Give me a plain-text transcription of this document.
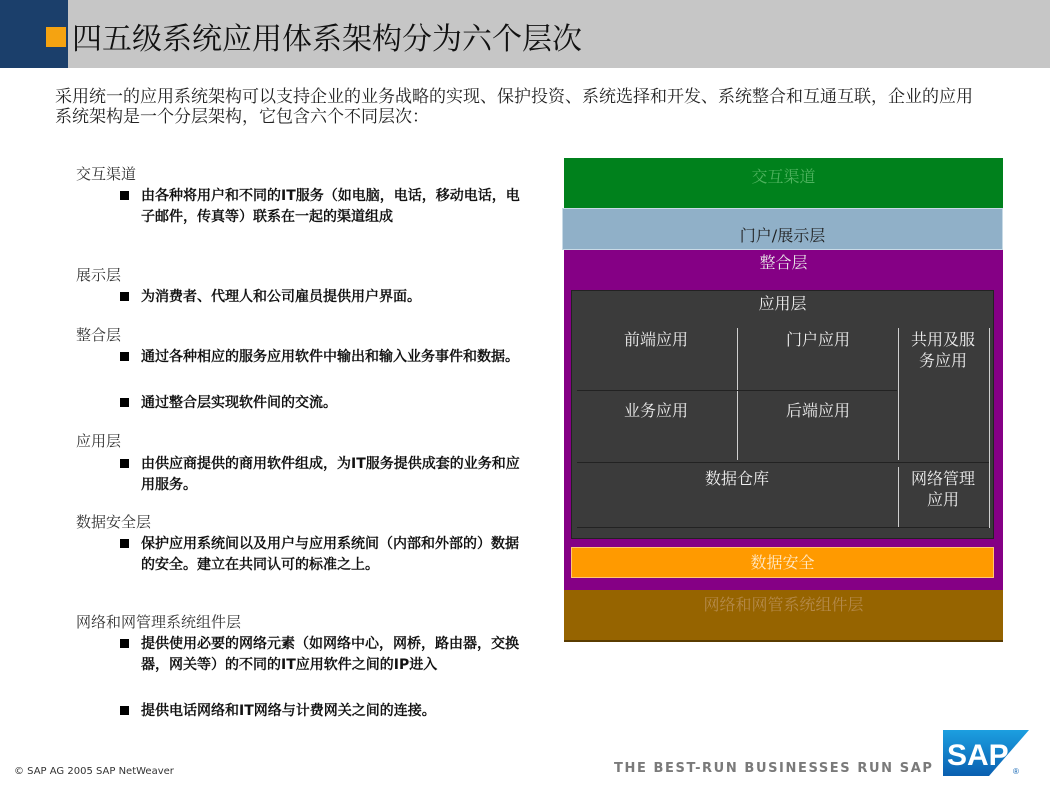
四五级系统应用体系架构分为六个层次
采用统一的应用系统架构可以支持企业的业务战略的实现、保护投资、系统选择和开发、系统整合和互通互联，企业的应用系统架构是一个分层架构，它包含六个不同层次：
交互渠道
由各种将用户和不同的IT服务（如电脑，电话，移动电话，电子邮件，传真等）联系在一起的渠道组成
展示层
为消费者、代理人和公司雇员提供用户界面。
整合层
通过各种相应的服务应用软件中输出和输入业务事件和数据。
通过整合层实现软件间的交流。
应用层
由供应商提供的商用软件组成，为IT服务提供成套的业务和应用服务。
数据安全层
保护应用系统间以及用户与应用系统间（内部和外部的）数据的安全。建立在共同认可的标准之上。
网络和网管理系统组件层
提供使用必要的网络元素（如网络中心，网桥，路由器，交换器，网关等）的不同的IT应用软件之间的IP进入
提供电话网络和IT网络与计费网关之间的连接。
网络和网管系统组件层
整合层
交互渠道
门户/展示层
应用层
前端应用	门户应用	共用及服务应用
业务应用	后端应用
数据仓库	网络管理应用
数据安全
© SAP AG 2005 SAP NetWeaver	THE BEST-RUN BUSINESSES RUN SAP SAP ®
